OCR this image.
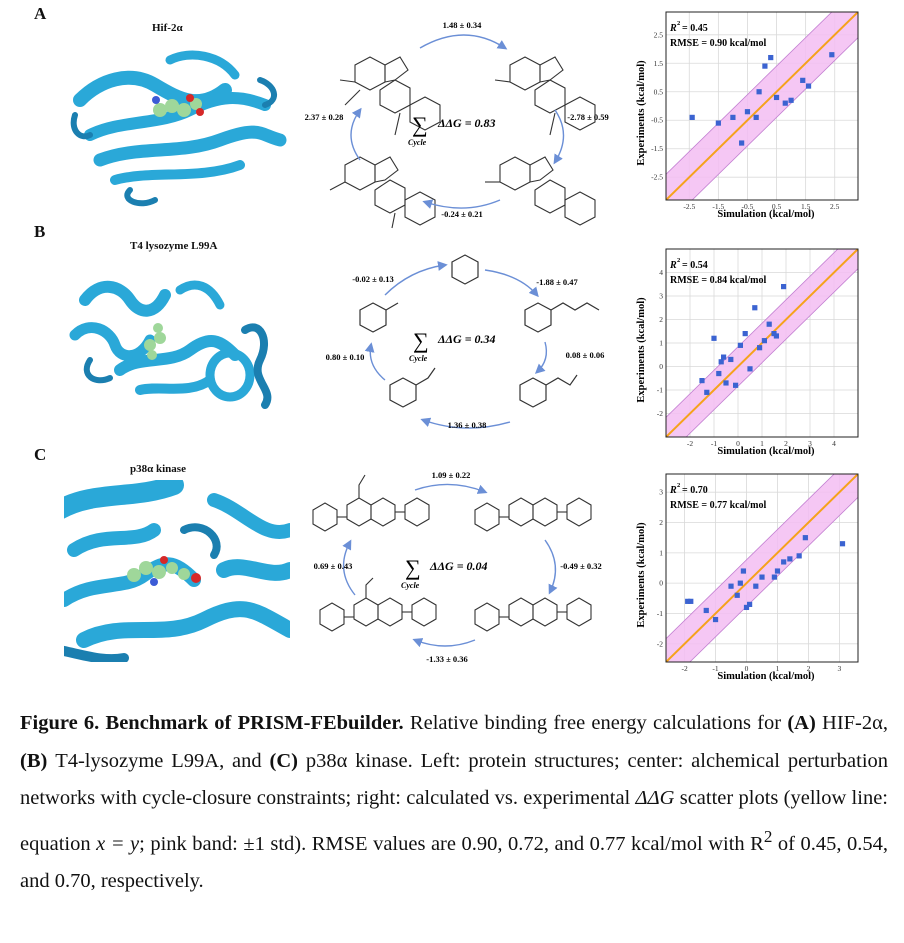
A
Hif-2α	1.48 ± 0.34
-2.78 ± 0.59
-0.24 ± 0.21
2.37 ± 0.28	∑ ΔΔG = 0.83
Cycle
-2.5 -1.5 -0.5 0.5	1.5	2.5
-2.5
-1.5
-0.5
0.5
1.5
2.5
R 2 = 0.45
RMSE = 0.90 kcal/mol
Simulation (kcal/mol)
Experiments (kcal/mol)
B
T4 lysozyme L99A
-0.02 ± 0.13	-1.88 ± 0.47
0.08 ± 0.06
1.36 ± 0.38
0.80 ± 0.10
∑ ΔΔG = 0.34
Cycle
-2 -1	0	1	2	3	4
-2
-1
0
1
2
3
4
R 2 = 0.54
RMSE = 0.84 kcal/mol
Simulation (kcal/mol)
Experiments (kcal/mol)
C
p38α kinase	1.09 ± 0.22
-0.49 ± 0.32
-1.33 ± 0.36
0.69 ± 0.43 ∑ ΔΔG = 0.04
Cycle
-2	-1	0	1	2	3
-2
-1
0
1
2
3 R 2 = 0.70
RMSE = 0.77 kcal/mol
Simulation (kcal/mol)
Experiments (kcal/mol)
Figure 6. Benchmark of PRISM-FEbuilder. Relative binding free energy calculations for (A) HIF-2α, (B) T4-lysozyme L99A, and (C) p38α kinase. Left: protein structures; center: alchemical perturbation networks with cycle-closure constraints; right: calculated vs. experimental ΔΔG scatter plots (yellow line: equation x = y; pink band: ±1 std). RMSE values are 0.90, 0.72, and 0.77 kcal/mol with $R^2$ of 0.45, 0.54, and 0.70, respectively.
